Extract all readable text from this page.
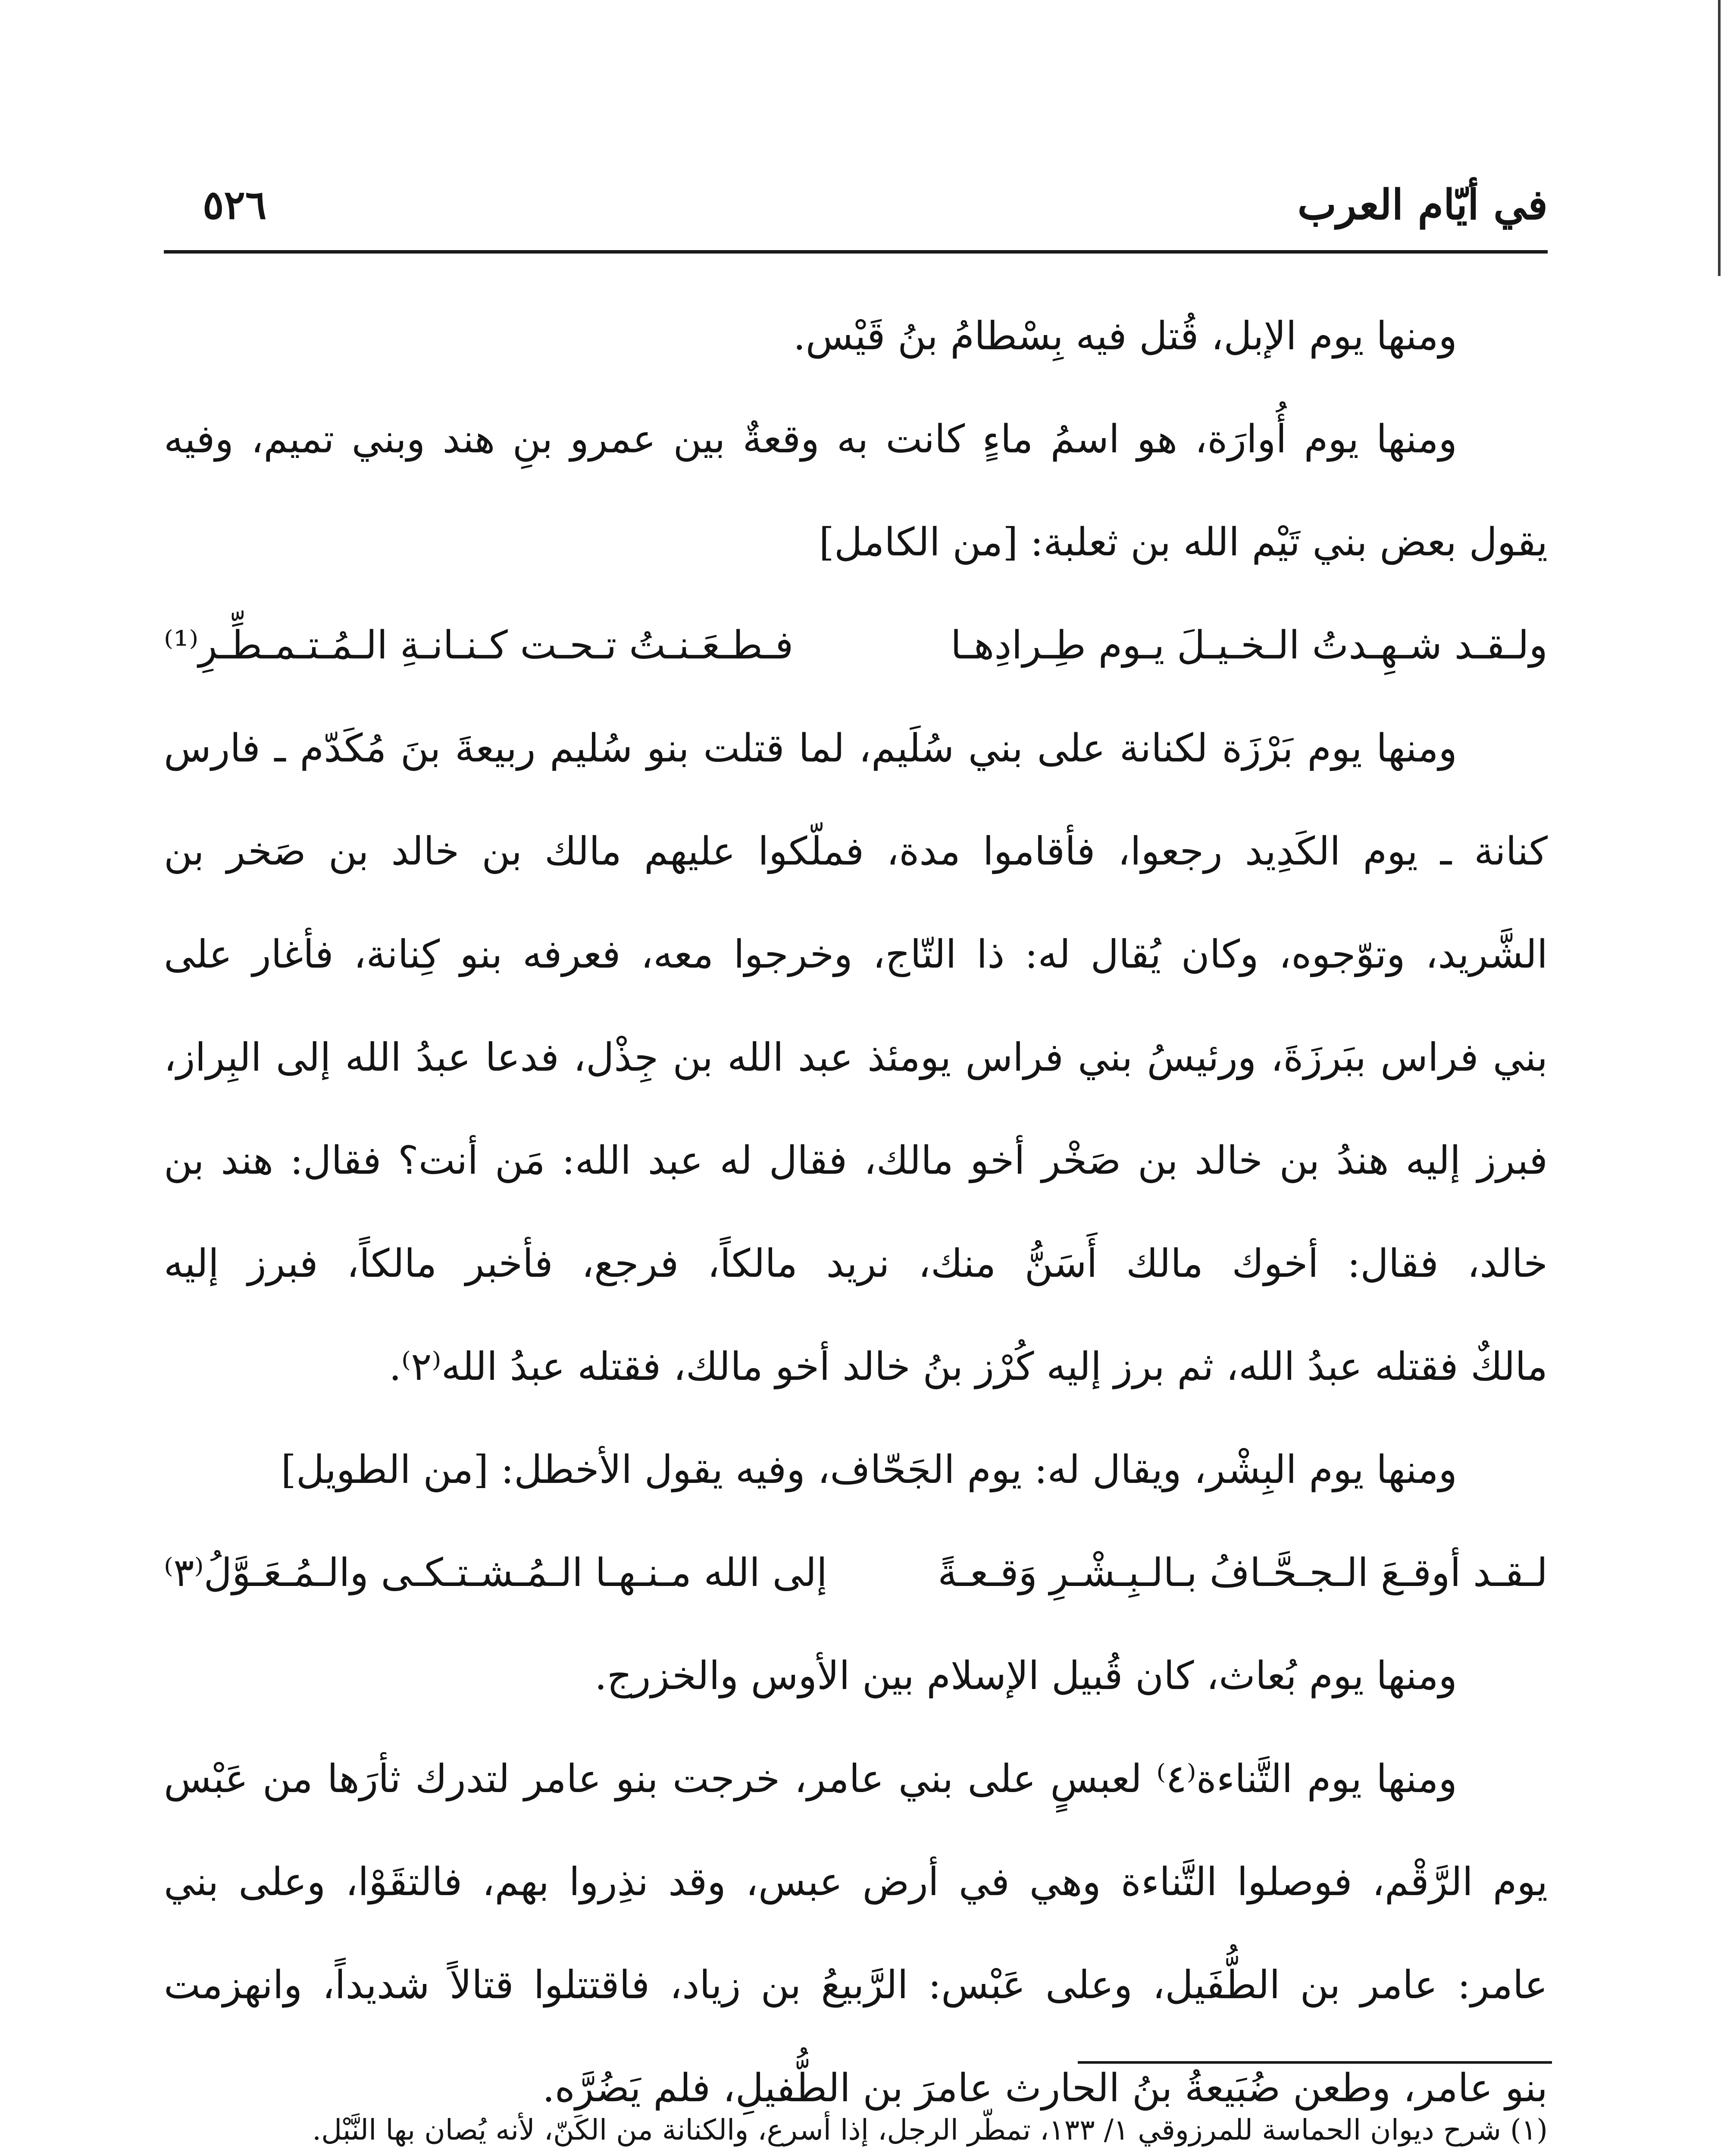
في أيّام العرب
٥٢٦
ومنها يوم الإبل، قُتل فيه بِسْطامُ بنُ قَيْس.
ومنها يوم أُوارَة، هو اسمُ ماءٍ كانت به وقعةٌ بين عمرو بنِ هند وبني تميم، وفيه
يقول بعض بني تَيْم الله بن ثعلبة: [من الكامل]
ولـقـد شـهِـدتُ الـخـيـلَ يـوم طِـرادِهـا
فـطـعَـنـتُ تـحـت كـنـانـةِ الـمُـتـمـطِّـرِ⁽¹⁾
ومنها يوم بَرْزَة لكنانة على بني سُلَيم، لما قتلت بنو سُليم ربيعةَ بنَ مُكَدّم ـ فارس
كنانة ـ يوم الكَدِيد رجعوا، فأقاموا مدة، فملّكوا عليهم مالك بن خالد بن صَخر بن
الشَّريد، وتوّجوه، وكان يُقال له: ذا التّاج، وخرجوا معه، فعرفه بنو كِنانة، فأغار على
بني فراس ببَرزَةَ، ورئيسُ بني فراس يومئذ عبد الله بن جِذْل، فدعا عبدُ الله إلى البِراز،
فبرز إليه هندُ بن خالد بن صَخْر أخو مالك، فقال له عبد الله: مَن أنت؟ فقال: هند بن
خالد، فقال: أخوك مالك أَسَنُّ منك، نريد مالكاً، فرجع، فأخبر مالكاً، فبرز إليه
مالكٌ فقتله عبدُ الله، ثم برز إليه كُرْز بنُ خالد أخو مالك، فقتله عبدُ الله⁽٢⁾.
ومنها يوم البِشْر، ويقال له: يوم الجَحّاف، وفيه يقول الأخطل: [من الطويل]
لـقـد أوقـعَ الـجـحَّـافُ بـالـبِـشْـرِ وَقـعـةً
إلى الله مـنـهـا الـمُـشـتـكـى والـمُـعَـوَّلُ⁽٣⁾
ومنها يوم بُعاث، كان قُبيل الإسلام بين الأوس والخزرج.
ومنها يوم التَّناءة⁽٤⁾ لعبسٍ على بني عامر، خرجت بنو عامر لتدرك ثأرَها من عَبْس
يوم الرَّقْم، فوصلوا التَّناءة وهي في أرض عبس، وقد نذِروا بهم، فالتقَوْا، وعلى بني
عامر: عامر بن الطُّفَيل، وعلى عَبْس: الرَّبيعُ بن زياد، فاقتتلوا قتالاً شديداً، وانهزمت
بنو عامر، وطعن ضُبَيعةُ بنُ الحارث عامرَ بن الطُّفيلِ، فلم يَضُرَّه.
(١) شرح ديوان الحماسة للمرزوقي ١/ ١٣٣، تمطّر الرجل، إذا أسرع، والكنانة من الكَنّ، لأنه يُصان بها النَّبْل.
